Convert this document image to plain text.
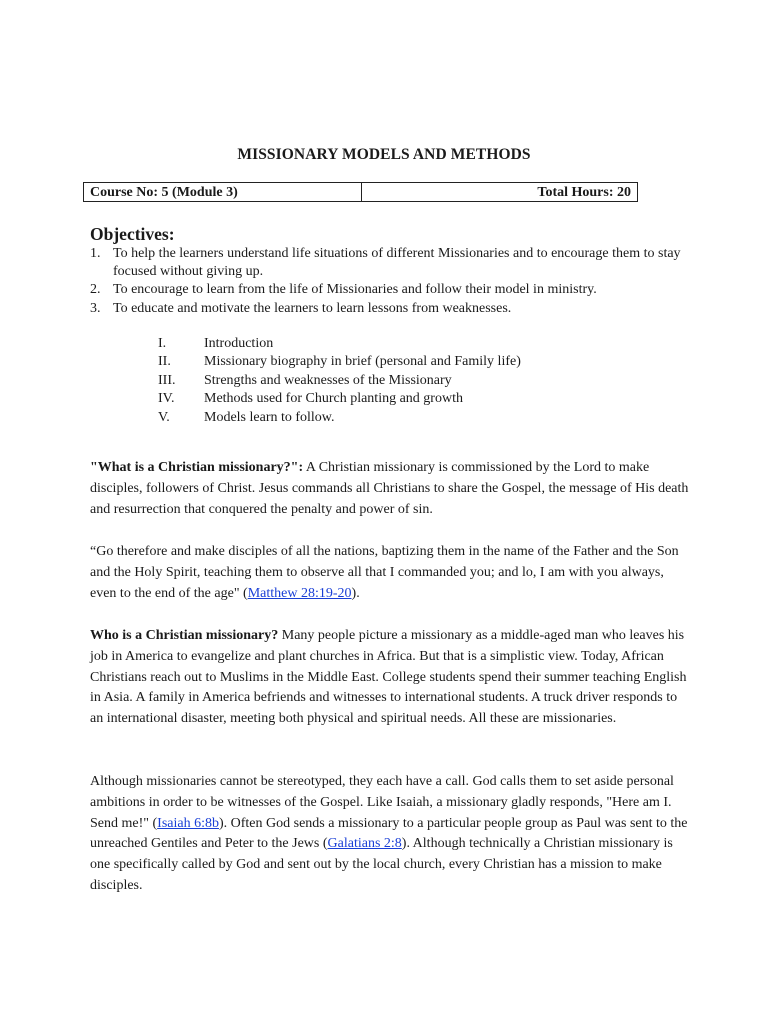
MISSIONARY MODELS AND METHODS
Course No: 5 (Module 3)	Total Hours: 20
Objectives:
1. To help the learners understand life situations of different Missionaries and to encourage them to stay focused without giving up.
2. To encourage to learn from the life of Missionaries and follow their model in ministry.
3. To educate and motivate the learners to learn lessons from weaknesses.
I.	Introduction
II.	Missionary biography in brief (personal and Family life)
III.	Strengths and weaknesses of the Missionary
IV.	Methods used for Church planting and growth
V.	Models learn to follow.

"What is a Christian missionary?": A Christian missionary is commissioned by the Lord to make disciples, followers of Christ. Jesus commands all Christians to share the Gospel, the message of His death and resurrection that conquered the penalty and power of sin.

“Go therefore and make disciples of all the nations, baptizing them in the name of the Father and the Son and the Holy Spirit, teaching them to observe all that I commanded you; and lo, I am with you always, even to the end of the age" (Matthew 28:19-20).

Who is a Christian missionary? Many people picture a missionary as a middle-aged man who leaves his job in America to evangelize and plant churches in Africa. But that is a simplistic view. Today, African Christians reach out to Muslims in the Middle East. College students spend their summer teaching English in Asia. A family in America befriends and witnesses to international students. A truck driver responds to an international disaster, meeting both physical and spiritual needs. All these are missionaries.

Although missionaries cannot be stereotyped, they each have a call. God calls them to set aside personal ambitions in order to be witnesses of the Gospel. Like Isaiah, a missionary gladly responds, "Here am I. Send me!" (Isaiah 6:8b). Often God sends a missionary to a particular people group as Paul was sent to the unreached Gentiles and Peter to the Jews (Galatians 2:8). Although technically a Christian missionary is one specifically called by God and sent out by the local church, every Christian has a mission to make disciples.
